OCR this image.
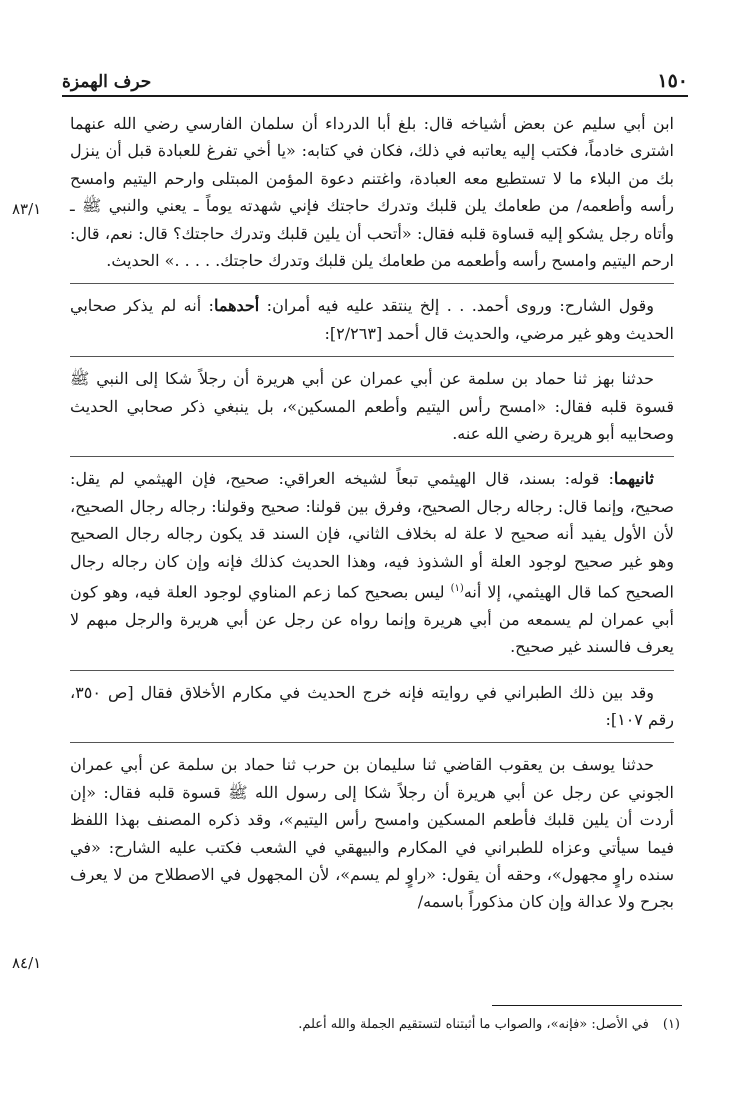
١٥٠
حرف الهمزة
٨٣/١
٨٤/١

ابن أبي سليم عن بعض أشياخه قال: بلغ أبا الدرداء أن سلمان الفارسي رضي الله عنهما اشترى خادماً، فكتب إليه يعاتبه في ذلك، فكان في كتابه: «يا أخي تفرغ للعبادة قبل أن ينزل بك من البلاء ما لا تستطيع معه العبادة، واغتنم دعوة المؤمن المبتلى وارحم اليتيم وامسح رأسه وأطعمه/ من طعامك يلن قلبك وتدرك حاجتك فإني شهدته يوماً ـ يعني والنبي ﷺ ـ وأتاه رجل يشكو إليه قساوة قلبه فقال: «أتحب أن يلين قلبك وتدرك حاجتك؟ قال: نعم، قال: ارحم اليتيم وامسح رأسه وأطعمه من طعامك يلن قلبك وتدرك حاجتك. . . . .» الحديث.

وقول الشارح: وروى أحمد. . . إلخ ينتقد عليه فيه أمران: أحدهما: أنه لم يذكر صحابي الحديث وهو غير مرضي، والحديث قال أحمد [٢/٢٦٣]:

حدثنا بهز ثنا حماد بن سلمة عن أبي عمران عن أبي هريرة أن رجلاً شكا إلى النبي ﷺ قسوة قلبه فقال: «امسح رأس اليتيم وأطعم المسكين»، بل ينبغي ذكر صحابي الحديث وصحابيه أبو هريرة رضي الله عنه.

ثانيهما: قوله: بسند، قال الهيثمي تبعاً لشيخه العراقي: صحيح، فإن الهيثمي لم يقل: صحيح، وإنما قال: رجاله رجال الصحيح، وفرق بين قولنا: صحيح وقولنا: رجاله رجال الصحيح، لأن الأول يفيد أنه صحيح لا علة له بخلاف الثاني، فإن السند قد يكون رجاله رجال الصحيح وهو غير صحيح لوجود العلة أو الشذوذ فيه، وهذا الحديث كذلك فإنه وإن كان رجاله رجال الصحيح كما قال الهيثمي، إلا أنه$^{(١)}$ ليس بصحيح كما زعم المناوي لوجود العلة فيه، وهو كون أبي عمران لم يسمعه من أبي هريرة وإنما رواه عن رجل عن أبي هريرة والرجل مبهم لا يعرف فالسند غير صحيح.

وقد بين ذلك الطبراني في روايته فإنه خرج الحديث في مكارم الأخلاق فقال [ص ٣٥٠، رقم ١٠٧]:

حدثنا يوسف بن يعقوب القاضي ثنا سليمان بن حرب ثنا حماد بن سلمة عن أبي عمران الجوني عن رجل عن أبي هريرة أن رجلاً شكا إلى رسول الله ﷺ قسوة قلبه فقال: «إن أردت أن يلين قلبك فأطعم المسكين وامسح رأس اليتيم»، وقد ذكره المصنف بهذا اللفظ فيما سيأتي وعزاه للطبراني في المكارم والبيهقي في الشعب فكتب عليه الشارح: «في سنده راوٍ مجهول»، وحقه أن يقول: «راوٍ لم يسم»، لأن المجهول في الاصطلاح من لا يعرف بجرح ولا عدالة وإن كان مذكوراً باسمه/

(١)في الأصل: «فإنه»، والصواب ما أثبتناه لتستقيم الجملة والله أعلم.
